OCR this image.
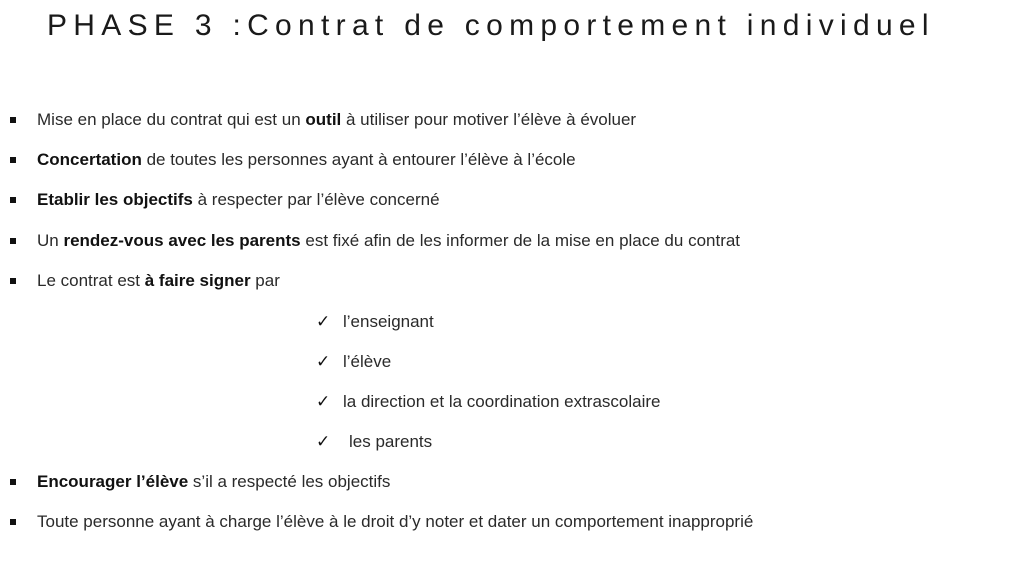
PHASE 3 :Contrat de comportement individuel
Mise en place du contrat qui est un outil à utiliser pour motiver l’élève à évoluer
Concertation de toutes les personnes ayant à entourer l’élève à l’école
Etablir les objectifs à respecter par l’élève concerné
Un rendez-vous avec les parents est fixé afin de les informer de la mise en place du contrat
Le contrat est à faire signer par
✓ l’enseignant
✓ l’élève
✓ la direction et la coordination extrascolaire
✓ les parents
Encourager l’élève s’il a respecté les objectifs
Toute personne ayant à charge l’élève à le droit d’y noter et dater un comportement inapproprié
